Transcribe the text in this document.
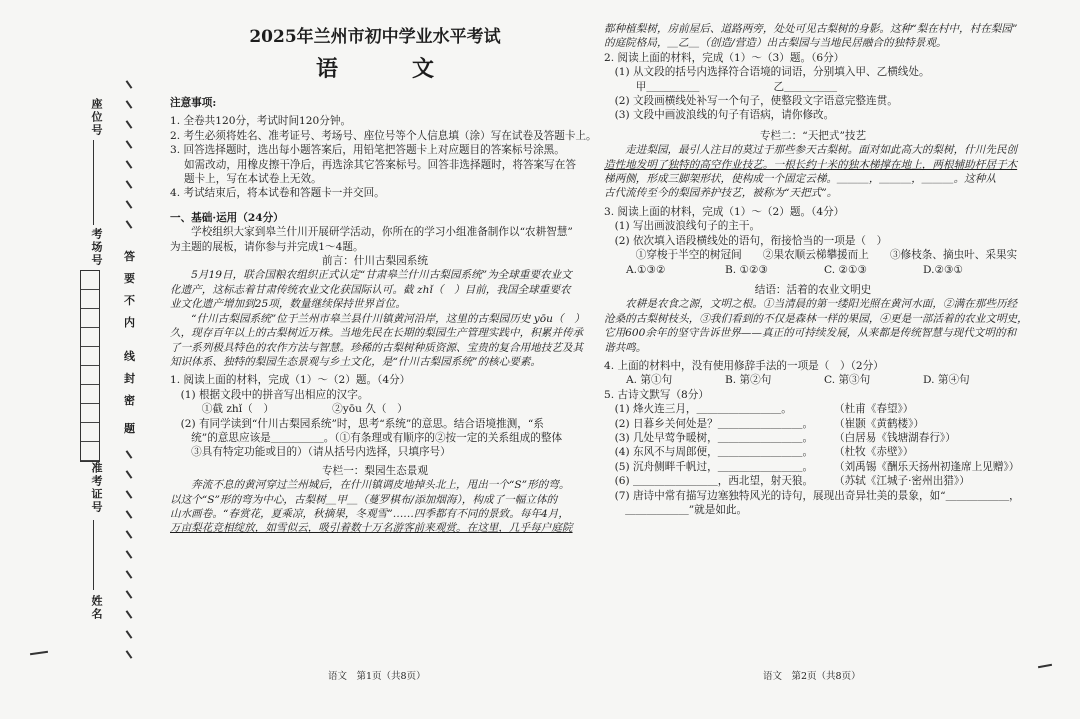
座位号
考场号
准考证号
姓名
答
要
不
内
线
封
密
题
2025年兰州市初中学业水平考试
语　文
注意事项:
1. 全卷共120分，考试时间120分钟。
2. 考生必须将姓名、准考证号、考场号、座位号等个人信息填（涂）写在试卷及答题卡上。
3. 回答选择题时，选出每小题答案后，用铅笔把答题卡上对应题目的答案标号涂黑。
　 如需改动，用橡皮擦干净后，再选涂其它答案标号。回答非选择题时，将答案写在答
　 题卡上，写在本试卷上无效。
4. 考试结束后，将本试卷和答题卡一并交回。
一、基础·运用（24分）
　　学校组织大家到皋兰什川开展研学活动，你所在的学习小组准备制作以“农耕智慧”
为主题的展板，请你参与并完成1～4题。
前言：什川古梨园系统
　　5月19日，联合国粮农组织正式认定“甘肃皋兰什川古梨园系统”为全球重要农业文
化遗产，这标志着甘肃传统农业文化获国际认可。截 zhǐ（　）目前，我国全球重要农
业文化遗产增加到25项，数量继续保持世界首位。
　　“什川古梨园系统”位于兰州市皋兰县什川镇黄河沿岸，这里的古梨园历史 yōu（　）
久，现存百年以上的古梨树近万株。当地先民在长期的梨园生产管理实践中，积累并传承
了一系列极具特色的农作方法与智慧。珍稀的古梨树种质资源、宝贵的复合用地技艺及其
知识体系、独特的梨园生态景观与乡土文化，是“什川古梨园系统”的核心要素。
1. 阅读上面的材料，完成（1）～（2）题。（4分）
　(1) 根据文段中的拼音写出相应的汉字。
　　　①截 zhǐ（　）　　　　　　②yōu 久（　）
　(2) 有同学读到“什川古梨园系统”时，思考“系统”的意思。结合语境推测，“系
　　统”的意思应该是＿＿＿＿＿。（①有条理或有顺序的②按一定的关系组成的整体
　　③具有特定功能或目的）（请从括号内选择，只填序号）
专栏一：梨园生态景观
　　奔流不息的黄河穿过兰州城后，在什川镇调皮地掉头北上，甩出一个“S”形的弯。
以这个“S”形的弯为中心，古梨树＿甲＿（蔓罗棋布/添加烟海），构成了一幅立体的
山水画卷。“春赏花，夏乘凉，秋摘果，冬观雪”……四季都有不同的景致。每年4月，
万亩梨花竞相绽放，如雪似云，吸引着数十万名游客前来观赏。在这里，几乎每户庭院
语文　第1页（共8页）
都种植梨树，房前屋后、道路两旁，处处可见古梨树的身影。这种“梨在村中，村在梨园”
的庭院格局，＿乙＿（创造/营造）出古梨园与当地民居融合的独特景观。
2. 阅读上面的材料，完成（1）～（3）题。（6分）
　(1) 从文段的括号内选择符合语境的词语，分别填入甲、乙横线处。
　　　甲＿＿＿＿＿　　　　　　　乙＿＿＿＿＿
　(2) 文段画横线处补写一个句子，使整段文字语意完整连贯。
　(3) 文段中画波浪线的句子有语病，请你修改。
专栏二：“天把式”技艺
　　走进梨园，最引人注目的莫过于那些参天古梨树。面对如此高大的梨树，什川先民创
造性地发明了独特的高空作业技艺。一根长约十米的独木梯撑在地上，两根辅助杆居于木
梯两侧，形成三脚架形状，使构成一个固定云梯。＿＿＿，＿＿＿，＿＿＿。这种从
古代流传至今的梨园养护技艺，被称为“天把式”。
3. 阅读上面的材料，完成（1）～（2）题。（4分）
　(1) 写出画波浪线句子的主干。
　(2) 依次填入语段横线处的语句，衔接恰当的一项是（　）
　　　①穿梭于半空的树冠间　　②果农顺云梯攀援而上　　③修枝条、摘虫叶、采果实
A.①③②	B. ①②③	C. ②①③	D.②③①
结语：活着的农业文明史
　　农耕是农食之源，文明之根。①当清晨的第一缕阳光照在黄河水面，②满在那些历经
沧桑的古梨树枝头，③我们看到的不仅是森林一样的果园，④更是一部活着的农业文明史，
它用600余年的坚守告诉世界——真正的可持续发展，从来都是传统智慧与现代文明的和
谐共鸣。
4. 上面的材料中，没有使用修辞手法的一项是（　）（2分）
A. 第①句	B. 第②句	C. 第③句	D. 第④句
5. 古诗文默写（8分）
　(1) 烽火连三月，＿＿＿＿＿＿＿＿。	（杜甫《春望》）
　(2) 日暮乡关何处是？＿＿＿＿＿＿＿＿。	（崔颢《黄鹤楼》）
　(3) 几处早莺争暖树，＿＿＿＿＿＿＿＿。	（白居易《钱塘湖春行》）
　(4) 东风不与周郎便，＿＿＿＿＿＿＿＿。	（杜牧《赤壁》）
　(5) 沉舟侧畔千帆过，＿＿＿＿＿＿＿＿。	（刘禹锡《酬乐天扬州初逢席上见赠》）
　(6) ＿＿＿＿＿＿＿＿，西北望，射天狼。	（苏轼《江城子·密州出猎》）
　(7) 唐诗中常有描写边塞独特风光的诗句，展现出奇异壮美的景象，如“＿＿＿＿＿＿，
　　＿＿＿＿＿＿”就是如此。
语文　第2页（共8页）
